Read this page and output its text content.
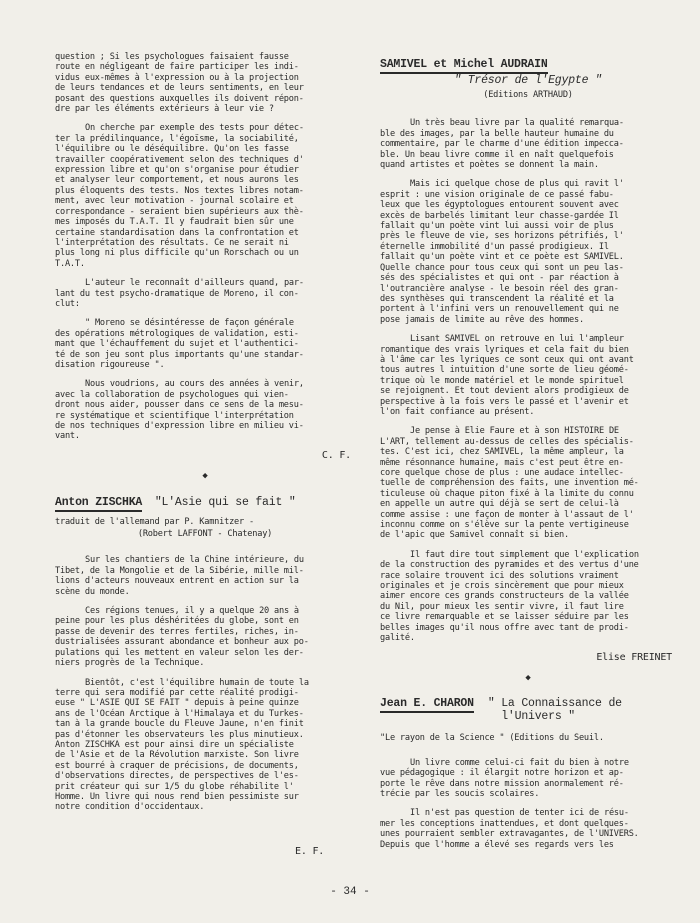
question ; Si les psychologues faisaient fausse
route en négligeant de faire participer les indi-
vidus eux-mêmes à l'expression ou à la projection
de leurs tendances et de leurs sentiments, en leur
posant des questions auxquelles ils doivent répon-
dre par les éléments extérieurs à leur vie ?

On cherche par exemple des tests pour détec-
ter la prédilinquance, l'égoïsme, la sociabilité,
l'équilibre ou le déséquilibre. Qu'on les fasse
travailler coopérativement selon des techniques d'
expression libre et qu'on s'organise pour étudier
et analyser leur comportement, et nous aurons les
plus éloquents des tests. Nos textes libres notam-
ment, avec leur motivation - journal scolaire et
correspondance - seraient bien supérieurs aux thè-
mes imposés du T.A.T. Il y faudrait bien sûr une
certaine standardisation dans la confrontation et
l'interprétation des résultats. Ce ne serait ni
plus long ni plus difficile qu'un Rorschach ou un
T.A.T.

L'auteur le reconnaît d'ailleurs quand, par-
lant du test psycho-dramatique de Moreno, il con-
clut:

" Moreno se désintéresse de façon générale
des opérations métrologiques de validation, esti-
mant que l'échauffement du sujet et l'authentici-
té de son jeu sont plus importants qu'une standar-
disation rigoureuse ".

Nous voudrions, au cours des années à venir,
avec la collaboration de psychologues qui vien-
dront nous aider, pousser dans ce sens de la mesu-
re systématique et scientifique l'interprétation
de nos techniques d'expression libre en milieu vi-
vant.

C. F.
◆
Anton ZISCHKA "L'Asie qui se fait "
traduit de l'allemand par P. Kamnitzer -
(Robert LAFFONT - Chatenay)

Sur les chantiers de la Chine intérieure, du
Tibet, de la Mongolie et de la Sibérie, mille mil-
lions d'acteurs nouveaux entrent en action sur la
scène du monde.

Ces régions tenues, il y a quelque 20 ans à
peine pour les plus déshéritées du globe, sont en
passe de devenir des terres fertiles, riches, in-
dustrialisées assurant abondance et bonheur aux po-
pulations qui les mettent en valeur selon les der-
niers progrès de la Technique.

Bientôt, c'est l'équilibre humain de toute la
terre qui sera modifié par cette réalité prodigi-
euse " L'ASIE QUI SE FAIT " depuis à peine quinze
ans de l'Océan Arctique à l'Himalaya et du Turkes-
tan à la grande boucle du Fleuve Jaune, n'en finit
pas d'étonner les observateurs les plus minutieux.
Anton ZISCHKA est pour ainsi dire un spécialiste
de l'Asie et de la Révolution marxiste. Son livre
est bourré à craquer de précisions, de documents,
d'observations directes, de perspectives de l'es-
prit créateur qui sur 1/5 du globe réhabilite l'
Homme. Un livre qui nous rend bien pessimiste sur
notre condition d'occidentaux.

E. F.
SAMIVEL et Michel AUDRAIN
" Trésor de l'Egypte "
(Editions ARTHAUD)

Un très beau livre par la qualité remarqua-
ble des images, par la belle hauteur humaine du
commentaire, par le charme d'une édition impecca-
ble. Un beau livre comme il en naît quelquefois
quand artistes et poètes se donnent la main.

Mais ici quelque chose de plus qui ravit l'
esprit : une vision originale de ce passé fabu-
leux que les égyptologues entourent souvent avec
excès de barbelés limitant leur chasse-gardée Il
fallait qu'un poète vint lui aussi voir de plus
près le fleuve de vie, ses horizons pétrifiés, l'
éternelle immobilité d'un passé prodigieux. Il
fallait qu'un poète vint et ce poète est SAMIVEL.
Quelle chance pour tous ceux qui sont un peu las-
sés des spécialistes et qui ont - par réaction à
l'outrancière analyse - le besoin réel des gran-
des synthèses qui transcendent la réalité et la
portent à l'infini vers un renouvellement qui ne
pose jamais de limite au rêve des hommes.

Lisant SAMIVEL on retrouve en lui l'ampleur
romantique des vrais lyriques et cela fait du bien
à l'âme car les lyriques ce sont ceux qui ont avant
tous autres l intuition d'une sorte de lieu géomé-
trique où le monde matériel et le monde spirituel
se rejoignent. Et tout devient alors prodigieux de
perspective à la fois vers le passé et l'avenir et
l'on fait confiance au présent.

Je pense à Elie Faure et à son HISTOIRE DE
L'ART, tellement au-dessus de celles des spécialis-
tes. C'est ici, chez SAMIVEL, la même ampleur, la
même résonnance humaine, mais c'est peut être en-
core quelque chose de plus : une audace intellec-
tuelle de compréhension des faits, une invention mé-
ticuleuse où chaque piton fixé à la limite du connu
en appelle un autre qui déjà se sert de celui-là
comme assise : une façon de monter à l'assaut de l'
inconnu comme on s'élève sur la pente vertigineuse
de l'apic que Samivel connaît si bien.

Il faut dire tout simplement que l'explication
de la construction des pyramides et des vertus d'une
race solaire trouvent ici des solutions vraiment
originales et je crois sincèrement que pour mieux
aimer encore ces grands constructeurs de la vallée
du Nil, pour mieux les sentir vivre, il faut lire
ce livre remarquable et se laisser séduire par les
belles images qu'il nous offre avec tant de prodi-
galité.

Elise FREINET
◆
Jean E. CHARON " La Connaissance de
l'Univers "
"Le rayon de la Science " (Editions du Seuil.

Un livre comme celui-ci fait du bien à notre
vue pédagogique : il élargit notre horizon et ap-
porte le rêve dans notre mission anormalement ré-
trécie par les soucis scolaires.

Il n'est pas question de tenter ici de résu-
mer les conceptions inattendues, et dont quelques-
unes pourraient sembler extravagantes, de l'UNIVERS.
Depuis que l'homme a élevé ses regards vers les

- 34 -
